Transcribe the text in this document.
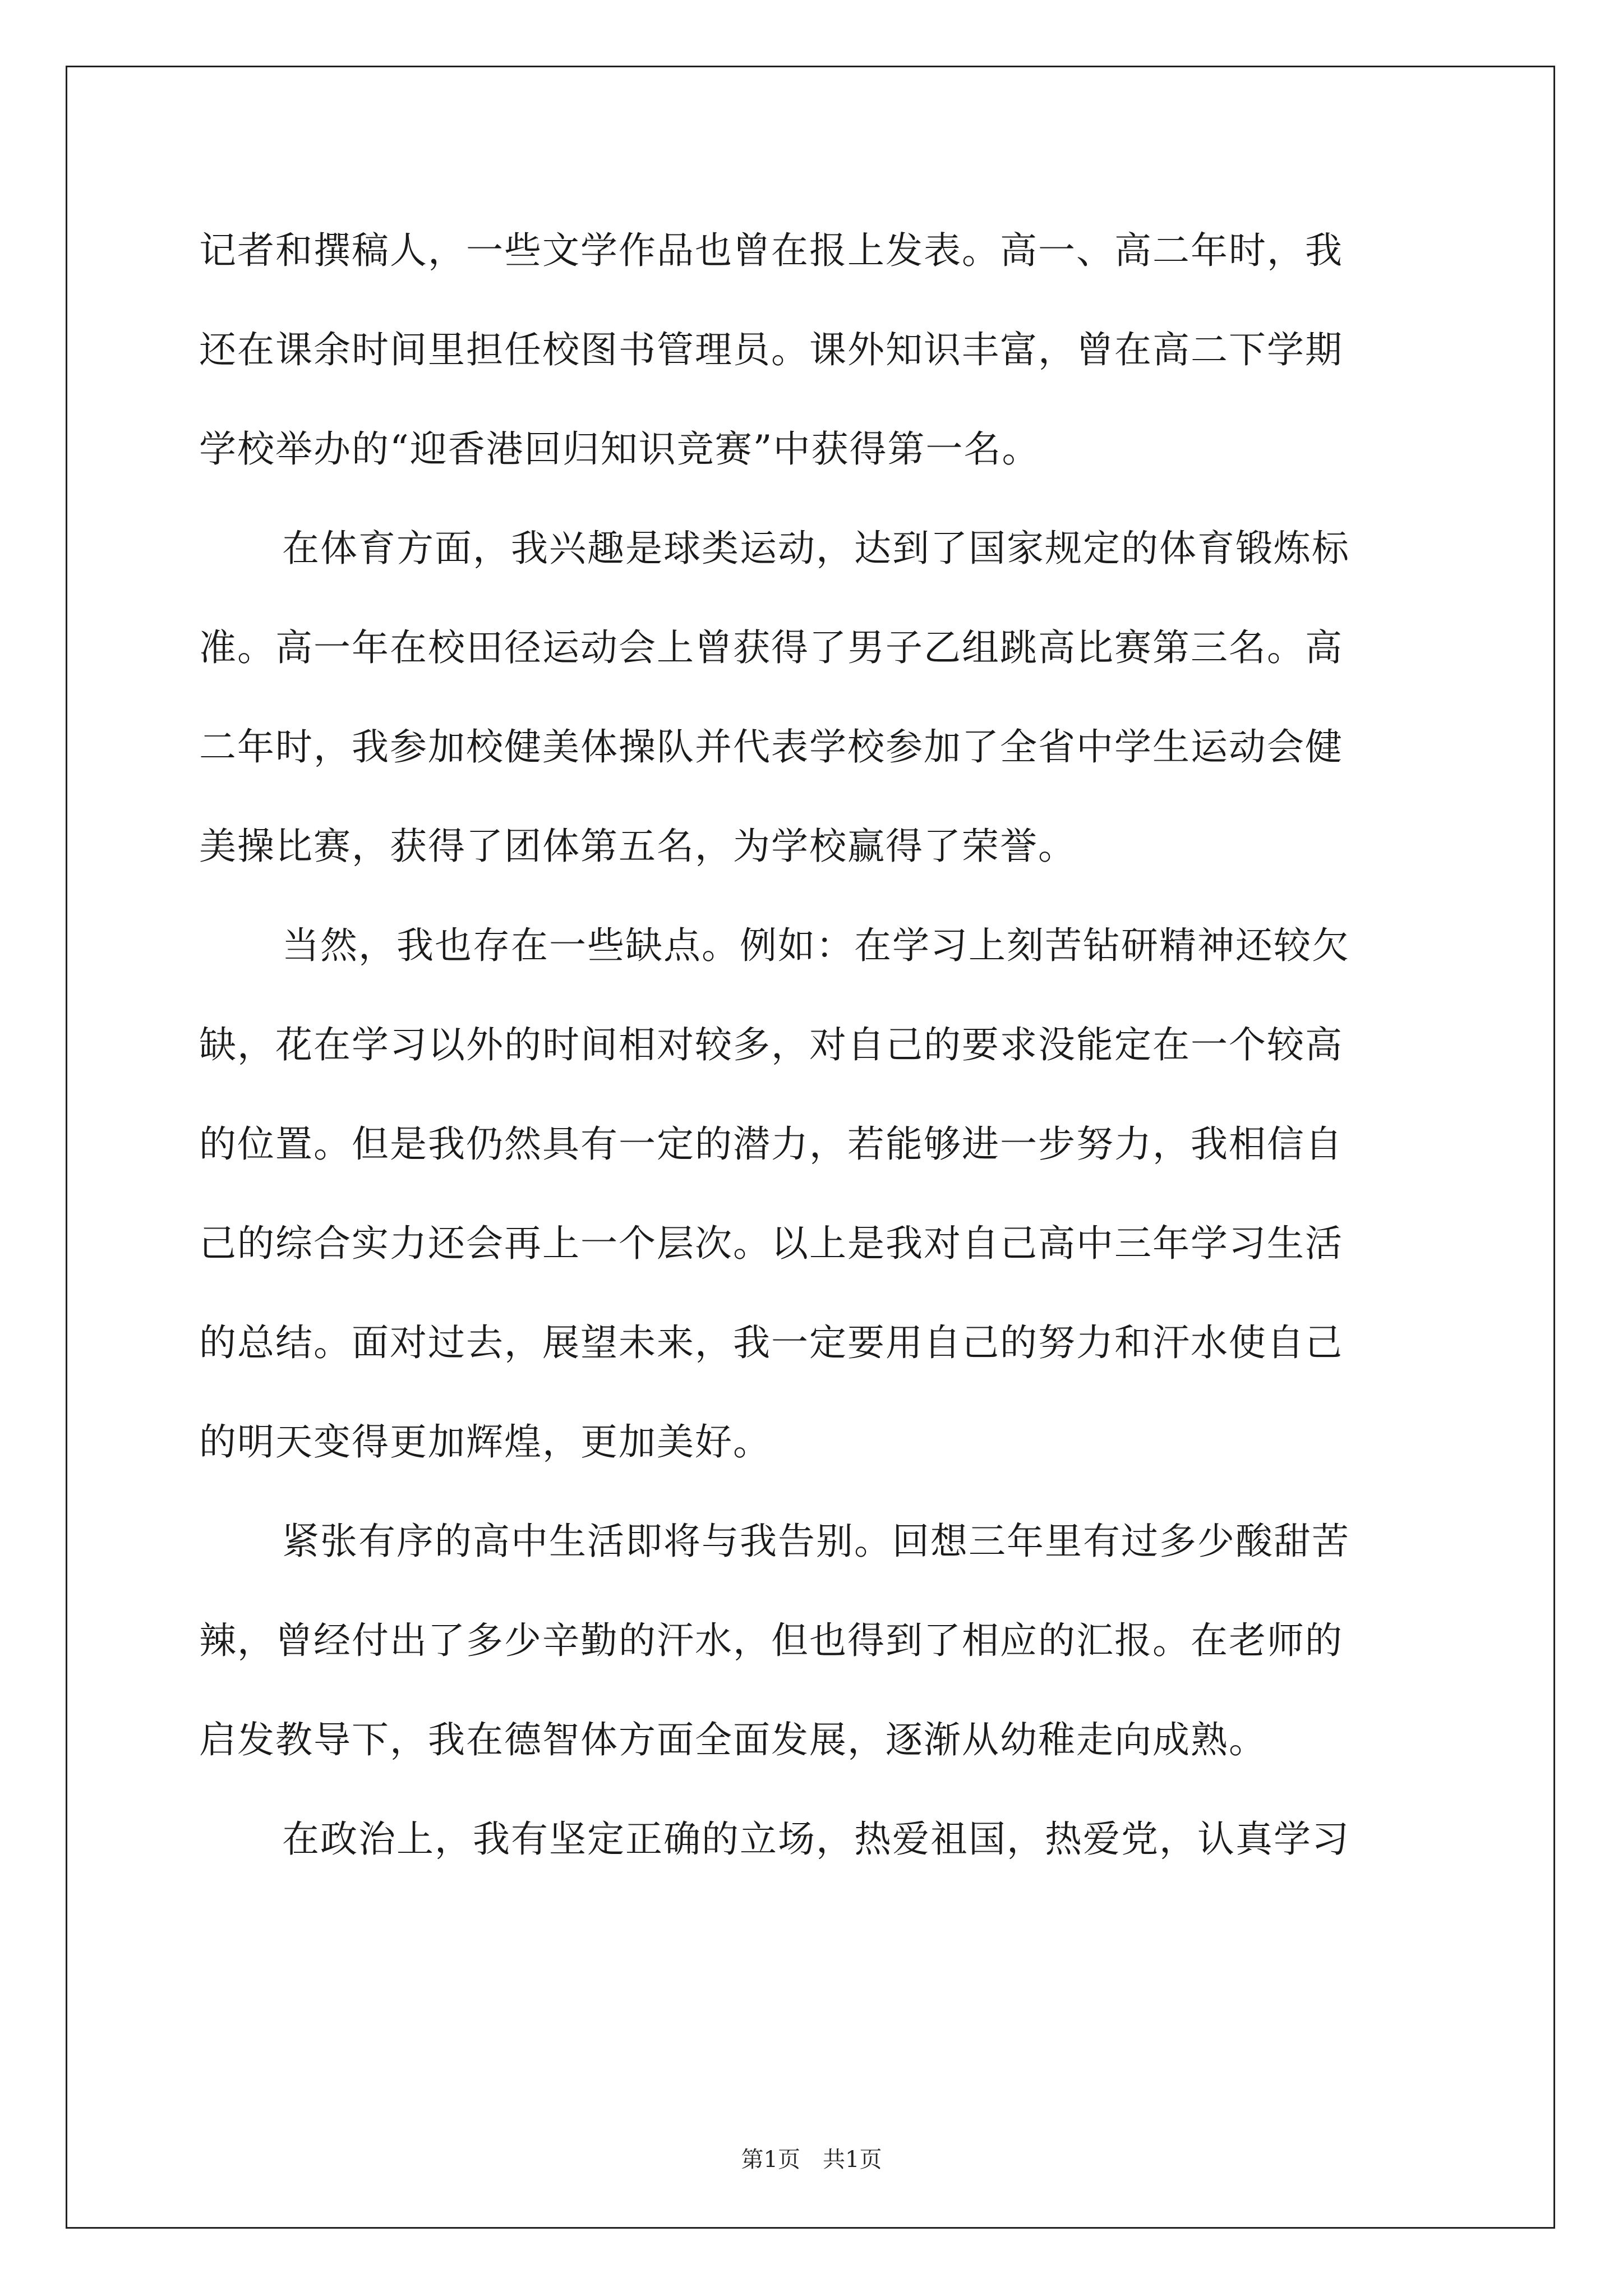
记者和撰稿人，一些文学作品也曾在报上发表。高一、高二年时，我
还在课余时间里担任校图书管理员。课外知识丰富，曾在高二下学期
学校举办的“迎香港回归知识竞赛”中获得第一名。
在体育方面，我兴趣是球类运动，达到了国家规定的体育锻炼标
准。高一年在校田径运动会上曾获得了男子乙组跳高比赛第三名。高
二年时，我参加校健美体操队并代表学校参加了全省中学生运动会健
美操比赛，获得了团体第五名，为学校赢得了荣誉。
当然，我也存在一些缺点。例如：在学习上刻苦钻研精神还较欠
缺，花在学习以外的时间相对较多，对自己的要求没能定在一个较高
的位置。但是我仍然具有一定的潜力，若能够进一步努力，我相信自
己的综合实力还会再上一个层次。以上是我对自己高中三年学习生活
的总结。面对过去，展望未来，我一定要用自己的努力和汗水使自己
的明天变得更加辉煌，更加美好。
紧张有序的高中生活即将与我告别。回想三年里有过多少酸甜苦
辣，曾经付出了多少辛勤的汗水，但也得到了相应的汇报。在老师的
启发教导下，我在德智体方面全面发展，逐渐从幼稚走向成熟。
在政治上，我有坚定正确的立场，热爱祖国，热爱党，认真学习
第1页　共1页
